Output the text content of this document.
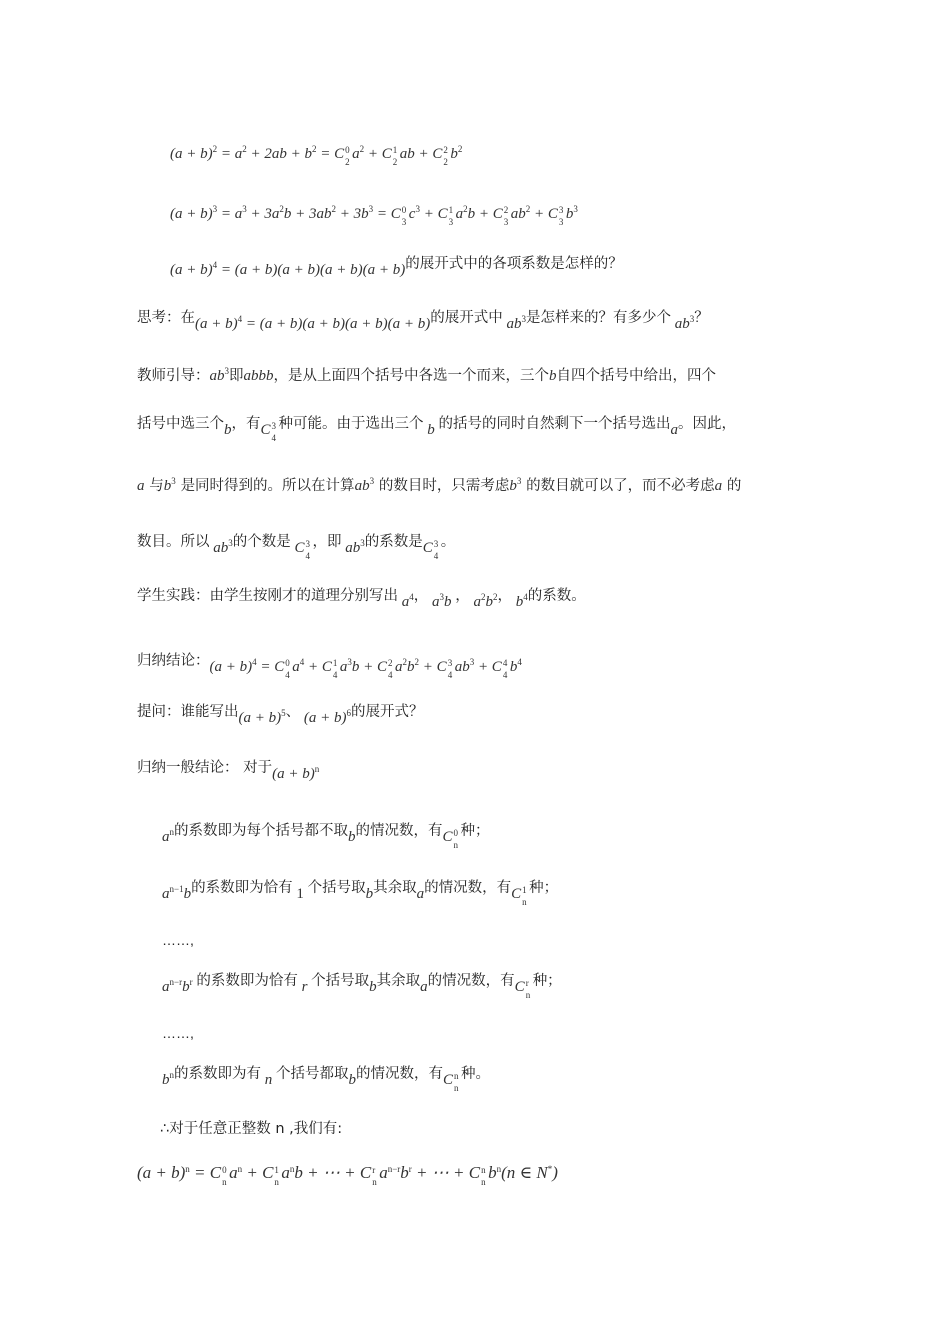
$(a + b)^2 = a^2 + 2ab + b^2 = C$ 0
2 $a^2 + C$ 1
2 ab + C 2
2 $b^2$
$(a + b)^3 = a^3 + 3a^2b + 3ab^2 + 3b^3 = C$ 0
3 $c^3 + C$ 1
3 $a^2b + C$ 2
3 $ab^2 + C$ 3
3 $b^3$
$(a + b)^4 = (a + b)(a + b)(a + b)(a + b)$的展开式中的各项系数是怎样的？
思考：在$(a + b)^4 = (a + b)(a + b)(a + b)(a + b)$的展开式中 $ab^3$是怎样来的？有多少个 $ab^3$？
教师引导：$ab^3$即abbb，是从上面四个括号中各选一个而来，三个b自四个括号中给出，四个
括号中选三个b，有C 3
4
种可能。由于选出三个 b 的括号的同时自然剩下一个括号选出a。因此，
a 与$b^3$ 是同时得到的。所以在计算$ab^3$ 的数目时，只需考虑$b^3$ 的数目就可以了，而不必考虑a 的
数目。所以 $ab^3$的个数是 C 3
4
，即 $ab^3$的系数是C 3
4
。
学生实践：由学生按刚才的道理分别写出 $a^4$， $a^3b$ ， $a^2b^2$， $b^4$的系数。
归纳结论：$(a + b)^4 = C$ 0
4 $a^4 + C$ 1
4 $a^3b + C$ 2
4 $a^2b^2 + C$ 3
4 $ab^3 + C$ 4
4 $b^4$
提问：谁能写出$(a + b)^5$、 $(a + b)^6$的展开式？
归纳一般结论： 对于$(a + b)^n$
$a^n$的系数即为每个括号都不取b的情况数，有C 0
n
种；
$a^{n-1}b$的系数即为恰有 1 个括号取b其余取a的情况数，有C 1
n
种；
……,
$a^{n-r}b^r$ 的系数即为恰有 r 个括号取b其余取a的情况数，有C r
n
种；
……,
$b^n$的系数即为有 n 个括号都取b的情况数，有C n
n
种。
∴对于任意正整数 n ,我们有:
$(a + b)^n = C$ 0
n $a^n + C$ 1
n $a^nb$ + ⋯ + C r
n $a^{n-r}b^r$ + ⋯ + C n
n $b^n(n$ ∈ N*)
